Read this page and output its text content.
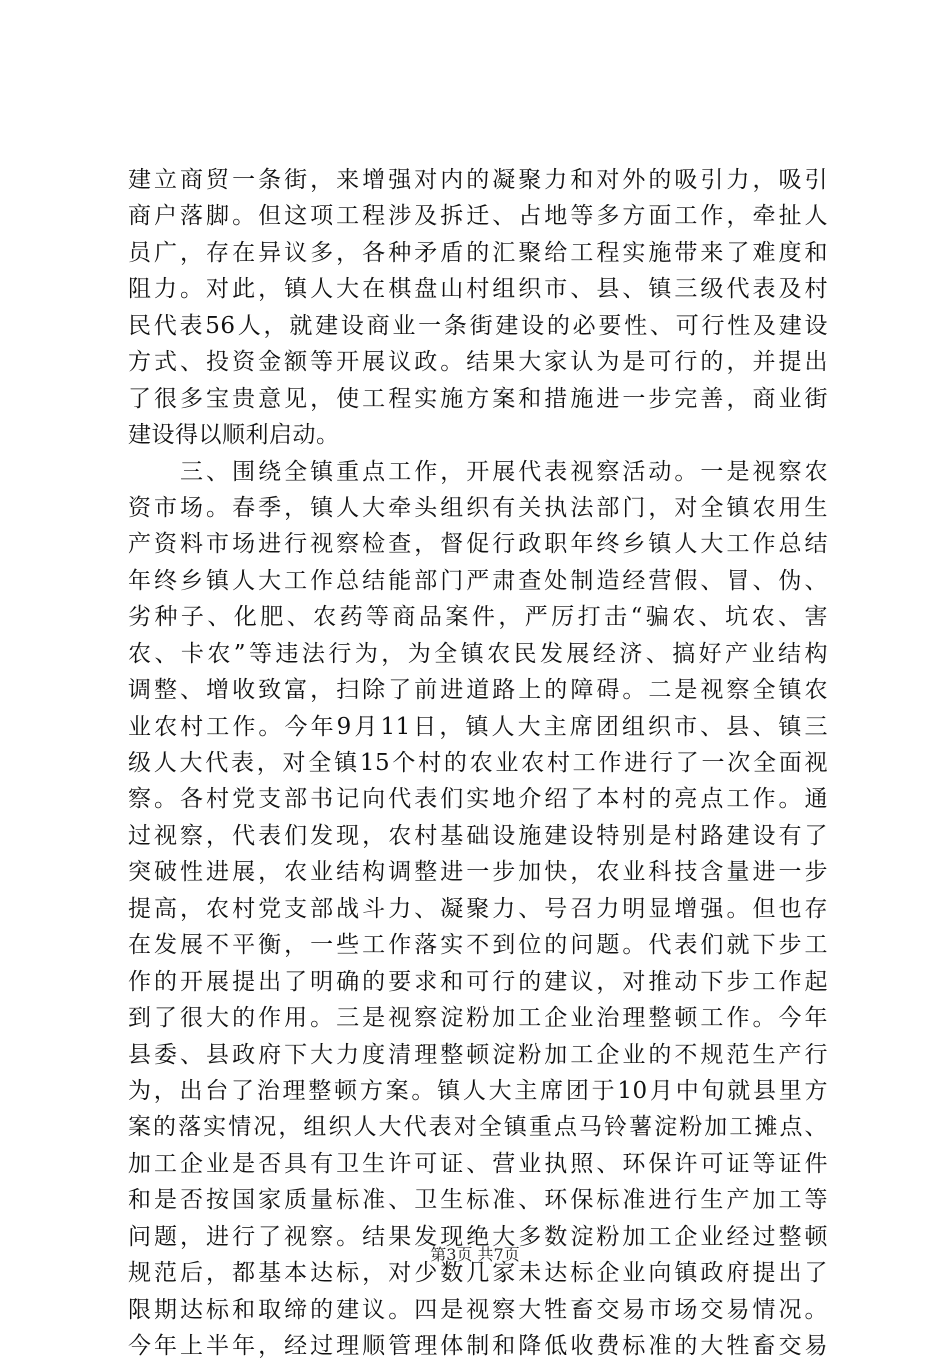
建立商贸一条街，来增强对内的凝聚力和对外的吸引力，吸引
商户落脚。但这项工程涉及拆迁、占地等多方面工作，牵扯人
员广，存在异议多，各种矛盾的汇聚给工程实施带来了难度和
阻力。对此，镇人大在棋盘山村组织市、县、镇三级代表及村
民代表56人，就建设商业一条街建设的必要性、可行性及建设
方式、投资金额等开展议政。结果大家认为是可行的，并提出
了很多宝贵意见，使工程实施方案和措施进一步完善，商业街
建设得以顺利启动。
　　三、围绕全镇重点工作，开展代表视察活动。一是视察农
资市场。春季，镇人大牵头组织有关执法部门，对全镇农用生
产资料市场进行视察检查，督促行政职年终乡镇人大工作总结
年终乡镇人大工作总结能部门严肃查处制造经营假、冒、伪、
劣种子、化肥、农药等商品案件，严厉打击“骗农、坑农、害
农、卡农”等违法行为，为全镇农民发展经济、搞好产业结构
调整、增收致富，扫除了前进道路上的障碍。二是视察全镇农
业农村工作。今年9月11日，镇人大主席团组织市、县、镇三
级人大代表，对全镇15个村的农业农村工作进行了一次全面视
察。各村党支部书记向代表们实地介绍了本村的亮点工作。通
过视察，代表们发现，农村基础设施建设特别是村路建设有了
突破性进展，农业结构调整进一步加快，农业科技含量进一步
提高，农村党支部战斗力、凝聚力、号召力明显增强。但也存
在发展不平衡，一些工作落实不到位的问题。代表们就下步工
作的开展提出了明确的要求和可行的建议，对推动下步工作起
到了很大的作用。三是视察淀粉加工企业治理整顿工作。今年
县委、县政府下大力度清理整顿淀粉加工企业的不规范生产行
为，出台了治理整顿方案。镇人大主席团于10月中旬就县里方
案的落实情况，组织人大代表对全镇重点马铃薯淀粉加工摊点、
加工企业是否具有卫生许可证、营业执照、环保许可证等证件
和是否按国家质量标准、卫生标准、环保标准进行生产加工等
问题，进行了视察。结果发现绝大多数淀粉加工企业经过整顿
规范后，都基本达标，对少数几家未达标企业向镇政府提出了
限期达标和取缔的建议。四是视察大牲畜交易市场交易情况。
今年上半年，经过理顺管理体制和降低收费标准的大牲畜交易
第3页 共7页
